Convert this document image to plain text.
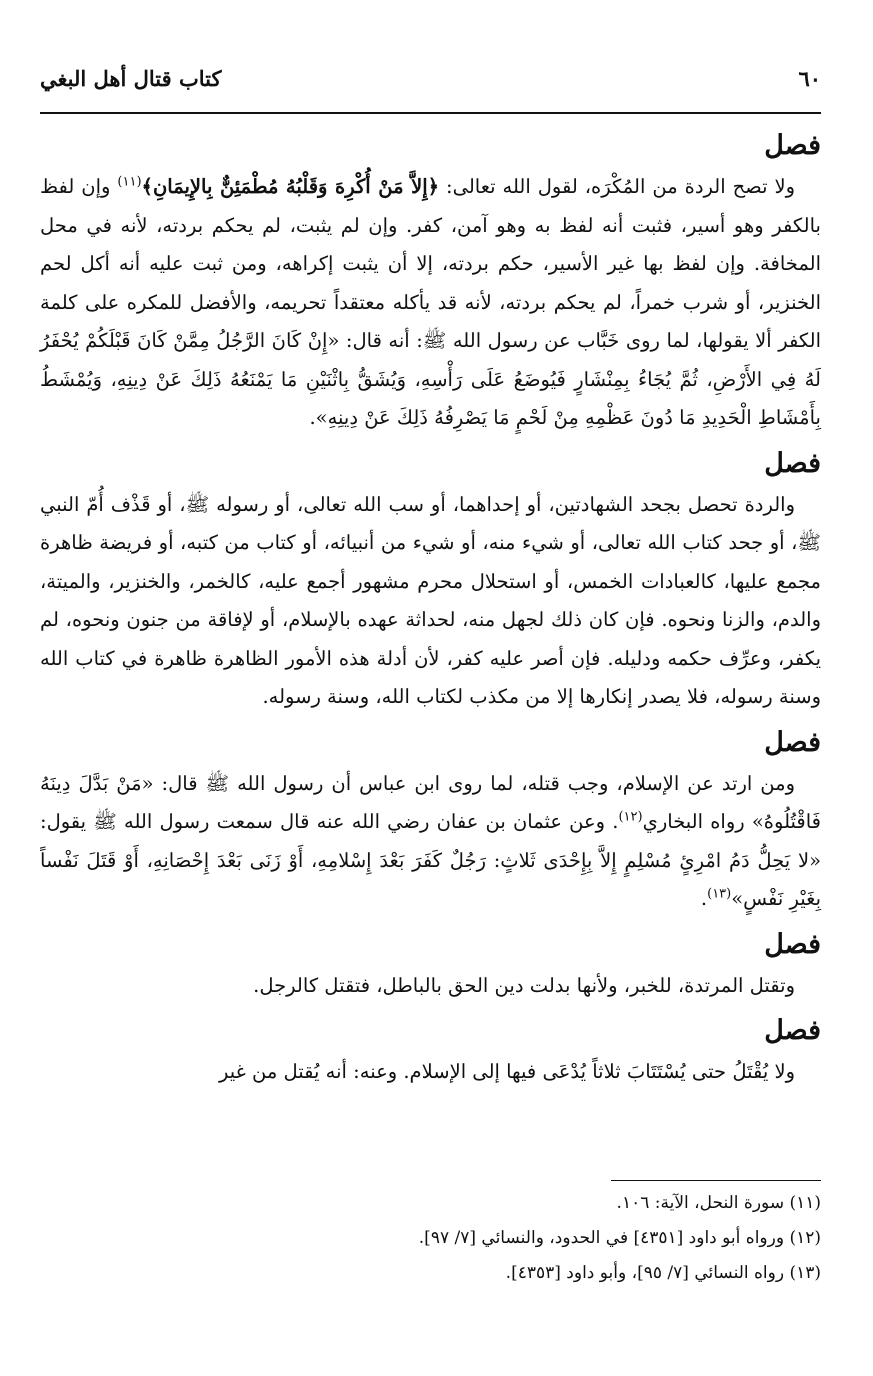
٦٠
كتاب قتال أهل البغي
فصل

ولا تصح الردة من المُكْرَه، لقول الله تعالى: ﴿إِلاَّ مَنْ أُكْرِهَ وَقَلْبُهُ مُطْمَئِنٌّ بِالإِيمَانِ﴾$^{(١١)}$ وإن لفظ بالكفر وهو أسير، فثبت أنه لفظ به وهو آمن، كفر. وإن لم يثبت، لم يحكم بردته، لأنه في محل المخافة. وإن لفظ بها غير الأسير، حكم بردته، إلا أن يثبت إكراهه، ومن ثبت عليه أنه أكل لحم الخنزير، أو شرب خمراً، لم يحكم بردته، لأنه قد يأكله معتقداً تحريمه، والأفضل للمكره على كلمة الكفر ألا يقولها، لما روى خَبَّاب عن رسول الله ﷺ: أنه قال: «إِنْ كَانَ الرَّجُلُ مِمَّنْ كَانَ قَبْلَكُمْ يُحْفَرُ لَهُ فِي الأَرْضِ، ثُمَّ يُجَاءُ بِمِنْشَارٍ فَيُوضَعُ عَلَى رَأْسِهِ، وَيُشَقُّ بِاثْنَيْنِ مَا يَمْنَعُهُ ذَلِكَ عَنْ دِينِهِ، وَيُمْشَطُ بِأَمْشَاطِ الْحَدِيدِ مَا دُونَ عَظْمِهِ مِنْ لَحْمٍ مَا يَصْرِفُهُ ذَلِكَ عَنْ دِينِهِ».

فصل

والردة تحصل بجحد الشهادتين، أو إحداهما، أو سب الله تعالى، أو رسوله ﷺ، أو قَذْف أُمّ النبي ﷺ، أو جحد كتاب الله تعالى، أو شيء منه، أو شيء من أنبيائه، أو كتاب من كتبه، أو فريضة ظاهرة مجمع عليها، كالعبادات الخمس، أو استحلال محرم مشهور أجمع عليه، كالخمر، والخنزير، والميتة، والدم، والزنا ونحوه. فإن كان ذلك لجهل منه، لحداثة عهده بالإسلام، أو لإفاقة من جنون ونحوه، لم يكفر، وعرِّف حكمه ودليله. فإن أصر عليه كفر، لأن أدلة هذه الأمور الظاهرة ظاهرة في كتاب الله وسنة رسوله، فلا يصدر إنكارها إلا من مكذب لكتاب الله، وسنة رسوله.

فصل

ومن ارتد عن الإسلام، وجب قتله، لما روى ابن عباس أن رسول الله ﷺ قال: «مَنْ بَدَّلَ دِينَهُ فَاقْتُلُوهُ» رواه البخاري$^{(١٢)}$. وعن عثمان بن عفان رضي الله عنه قال سمعت رسول الله ﷺ يقول: «لا يَحِلُّ دَمُ امْرِئٍ مُسْلِمٍ إِلاَّ بِإِحْدَى ثَلاثٍ: رَجُلٌ كَفَرَ بَعْدَ إِسْلامِهِ، أَوْ زَنَى بَعْدَ إِحْصَانِهِ، أَوْ قَتَلَ نَفْساً بِغَيْرِ نَفْسٍ»$^{(١٣)}$.

فصل

وتقتل المرتدة، للخبر، ولأنها بدلت دين الحق بالباطل، فتقتل كالرجل.

فصل

ولا يُقْتَلُ حتى يُسْتَتَابَ ثلاثاً يُدْعَى فيها إلى الإسلام. وعنه: أنه يُقتل من غير

(١١) سورة النحل، الآية: ١٠٦.

(١٢) ورواه أبو داود [٤٣٥١] في الحدود، والنسائي [٧/ ٩٧].

(١٣) رواه النسائي [٧/ ٩٥]، وأبو داود [٤٣٥٣].
